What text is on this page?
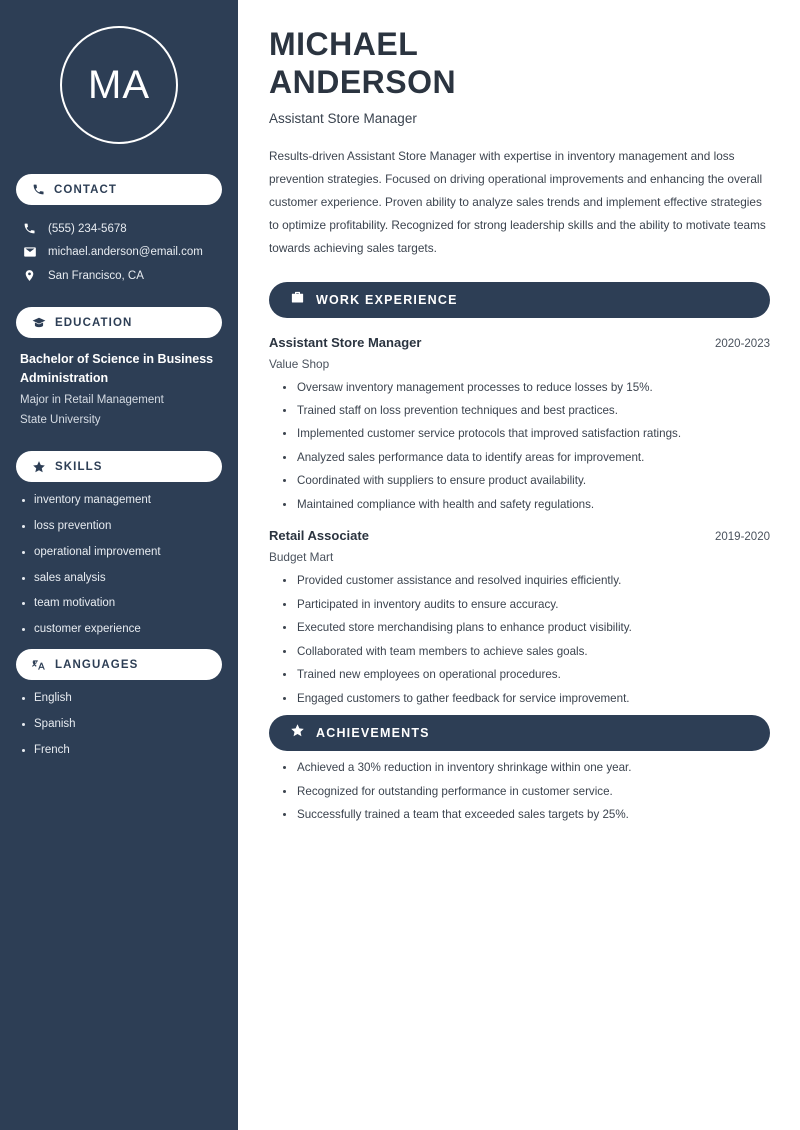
MA
CONTACT
(555) 234-5678
michael.anderson@email.com
San Francisco, CA
EDUCATION
Bachelor of Science in Business Administration
Major in Retail Management
State University
SKILLS
inventory management
loss prevention
operational improvement
sales analysis
team motivation
customer experience
LANGUAGES
English
Spanish
French
MICHAEL
ANDERSON
Assistant Store Manager

Results-driven Assistant Store Manager with expertise in inventory management and loss prevention strategies. Focused on driving operational improvements and enhancing the overall customer experience. Proven ability to analyze sales trends and implement effective strategies to optimize profitability. Recognized for strong leadership skills and the ability to motivate teams towards achieving sales targets.

WORK EXPERIENCE
Assistant Store Manager	2020-2023
Value Shop
Oversaw inventory management processes to reduce losses by 15%.
Trained staff on loss prevention techniques and best practices.
Implemented customer service protocols that improved satisfaction ratings.
Analyzed sales performance data to identify areas for improvement.
Coordinated with suppliers to ensure product availability.
Maintained compliance with health and safety regulations.
Retail Associate	2019-2020
Budget Mart
Provided customer assistance and resolved inquiries efficiently.
Participated in inventory audits to ensure accuracy.
Executed store merchandising plans to enhance product visibility.
Collaborated with team members to achieve sales goals.
Trained new employees on operational procedures.
Engaged customers to gather feedback for service improvement.
ACHIEVEMENTS
Achieved a 30% reduction in inventory shrinkage within one year.
Recognized for outstanding performance in customer service.
Successfully trained a team that exceeded sales targets by 25%.
